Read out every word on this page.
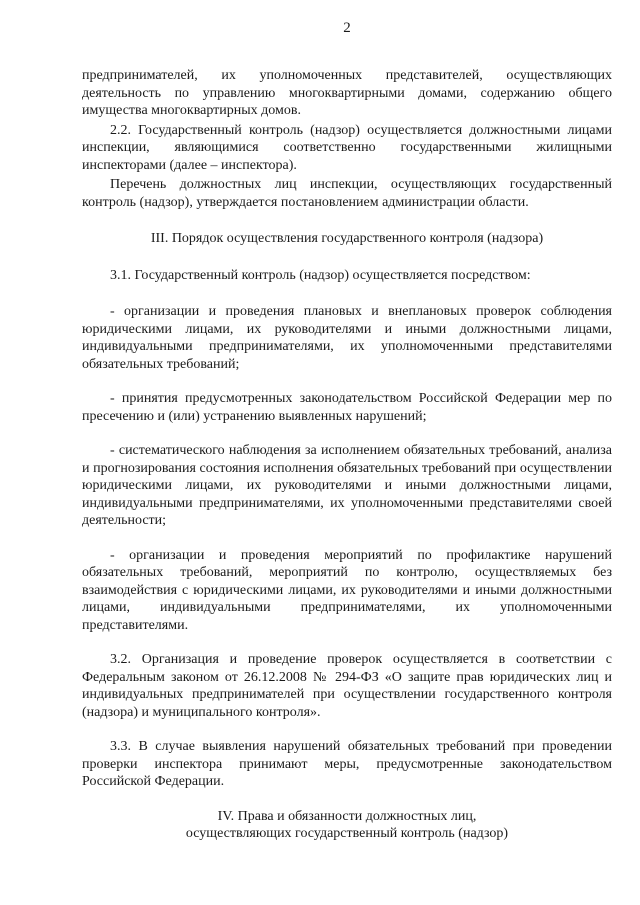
2

предпринимателей, их уполномоченных представителей, осуществляющих деятельность по управлению многоквартирными домами, содержанию общего имущества многоквартирных домов.

2.2. Государственный контроль (надзор) осуществляется должностными лицами инспекции, являющимися соответственно государственными жилищными инспекторами (далее – инспектора).

Перечень должностных лиц инспекции, осуществляющих государственный контроль (надзор), утверждается постановлением администрации области.

III. Порядок осуществления государственного контроля (надзора)

3.1. Государственный контроль (надзор) осуществляется посредством:

- организации и проведения плановых и внеплановых проверок соблюдения юридическими лицами, их руководителями и иными должностными лицами, индивидуальными предпринимателями, их уполномоченными представителями обязательных требований;

- принятия предусмотренных законодательством Российской Федерации мер по пресечению и (или) устранению выявленных нарушений;

- систематического наблюдения за исполнением обязательных требований, анализа и прогнозирования состояния исполнения обязательных требований при осуществлении юридическими лицами, их руководителями и иными должностными лицами, индивидуальными предпринимателями, их уполномоченными представителями своей деятельности;

- организации и проведения мероприятий по профилактике нарушений обязательных требований, мероприятий по контролю, осуществляемых без взаимодействия с юридическими лицами, их руководителями и иными должностными лицами, индивидуальными предпринимателями, их уполномоченными представителями.

3.2. Организация и проведение проверок осуществляется в соответствии с Федеральным законом от 26.12.2008 № 294-ФЗ «О защите прав юридических лиц и индивидуальных предпринимателей при осуществлении государственного контроля (надзора) и муниципального контроля».

3.3. В случае выявления нарушений обязательных требований при проведении проверки инспектора принимают меры, предусмотренные законодательством Российской Федерации.

IV. Права и обязанности должностных лиц,

осуществляющих государственный контроль (надзор)
